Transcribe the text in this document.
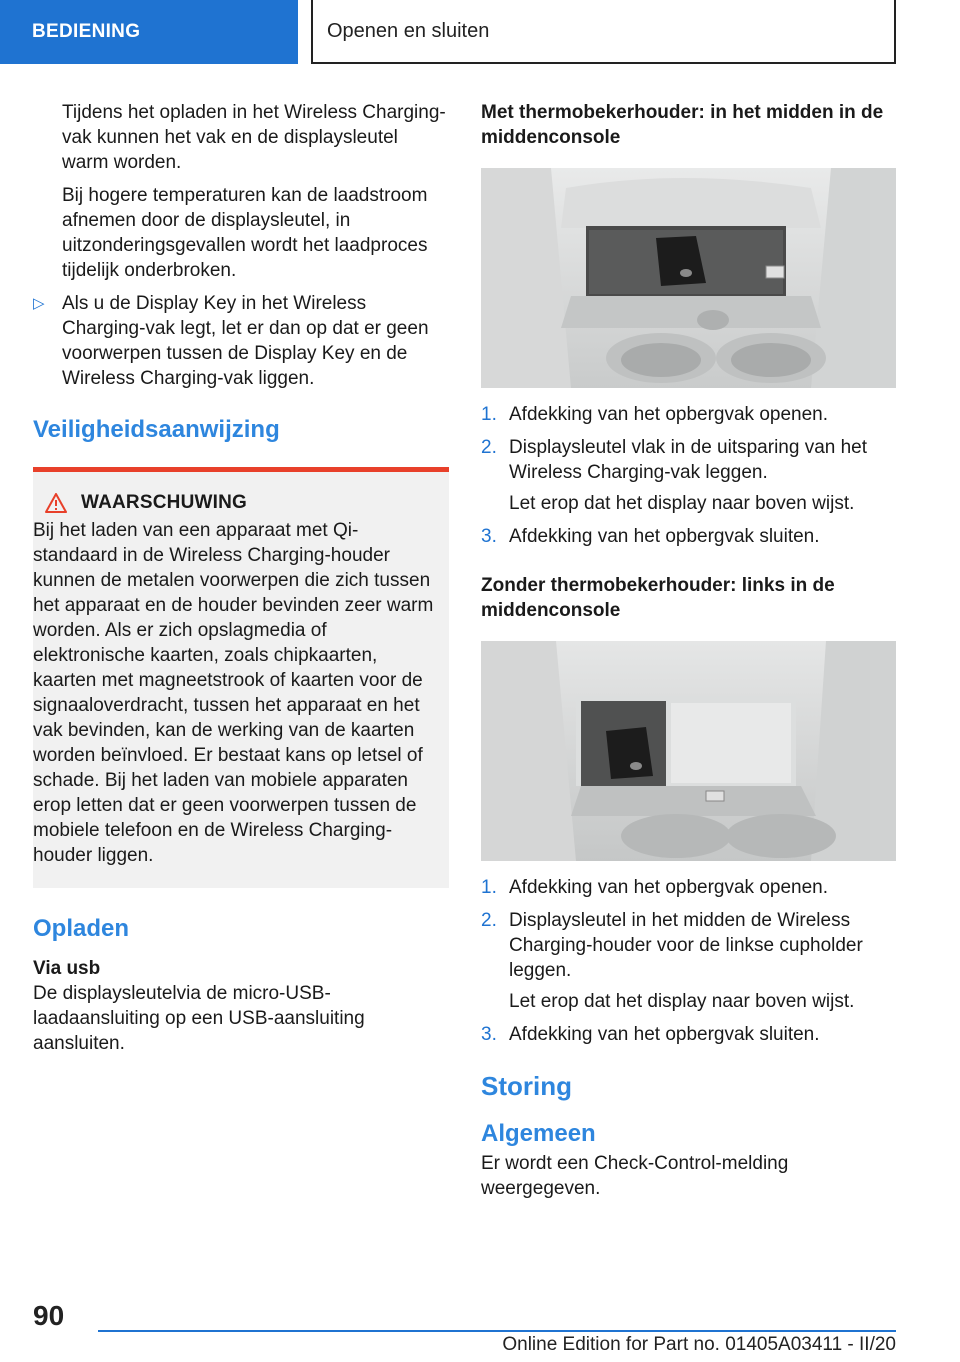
BEDIENING	Openen en sluiten

Tijdens het opladen in het Wireless Charging-vak kunnen het vak en de displaysleutel warm worden.

Bij hogere temperaturen kan de laadstroom afnemen door de displaysleutel, in uitzonderingsgevallen wordt het laadproces tijdelijk onderbroken.

▷ Als u de Display Key in het Wireless Charging-vak legt, let er dan op dat er geen voorwerpen tussen de Display Key en de Wireless Charging-vak liggen.

Veiligheidsaanwijzing
WAARSCHUWING

Bij het laden van een apparaat met Qi-standaard in de Wireless Charging-houder kunnen de metalen voorwerpen die zich tussen het apparaat en de houder bevinden zeer warm worden. Als er zich opslagmedia of elektronische kaarten, zoals chipkaarten, kaarten met magneetstrook of kaarten voor de signaaloverdracht, tussen het apparaat en het vak bevinden, kan de werking van de kaarten worden beïnvloed. Er bestaat kans op letsel of schade. Bij het laden van mobiele apparaten erop letten dat er geen voorwerpen tussen de mobiele telefoon en de Wireless Charging-houder liggen.

Opladen

Via usb

De displaysleutelvia de micro-USB-laadaansluiting op een USB-aansluiting aansluiten.

Met thermobekerhouder: in het midden in de middenconsole

1. Afdekking van het opbergvak openen.

2. Displaysleutel vlak in de uitsparing van het Wireless Charging-vak leggen.

Let erop dat het display naar boven wijst.

3. Afdekking van het opbergvak sluiten.

Zonder thermobekerhouder: links in de middenconsole

1. Afdekking van het opbergvak openen.

2. Displaysleutel in het midden de Wireless Charging-houder voor de linkse cupholder leggen.

Let erop dat het display naar boven wijst.

3. Afdekking van het opbergvak sluiten.

Storing
Algemeen

Er wordt een Check-Control-melding weergegeven.

90
Online Edition for Part no. 01405A03411 - II/20
